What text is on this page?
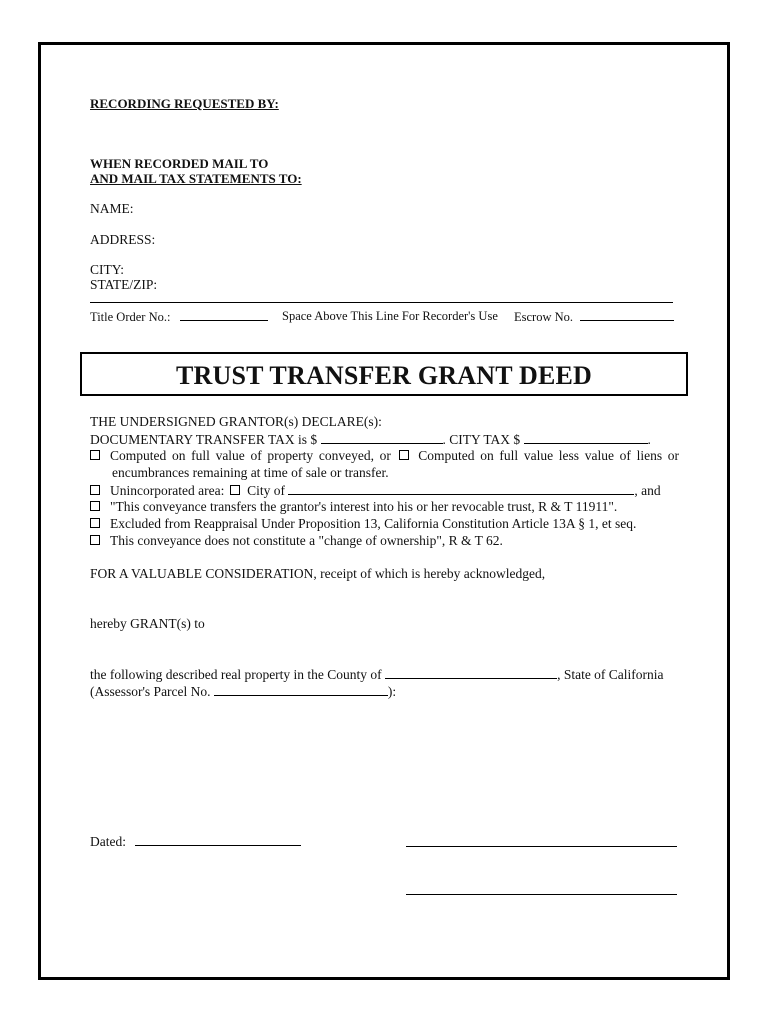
RECORDING REQUESTED BY:
WHEN RECORDED MAIL TO
AND MAIL TAX STATEMENTS TO:
NAME:
ADDRESS:
CITY:
STATE/ZIP:
Title Order No.:	Space Above This Line For Recorder's Use Escrow No.
TRUST TRANSFER GRANT DEED
THE UNDERSIGNED GRANTOR(s) DECLARE(s):
DOCUMENTARY TRANSFER TAX is $	. CITY TAX $	.
Computed on full value of property conveyed, or Computed on full value less value of liens or
encumbrances remaining at time of sale or transfer.
Unincorporated area: City of	, and
"This conveyance transfers the grantor's interest into his or her revocable trust, R & T 11911".
Excluded from Reappraisal Under Proposition 13, California Constitution Article 13A § 1, et seq.
This conveyance does not constitute a "change of ownership", R & T 62.
FOR A VALUABLE CONSIDERATION, receipt of which is hereby acknowledged,
hereby GRANT(s) to
the following described real property in the County of	, State of California
(Assessor's Parcel No.	):
Dated:
